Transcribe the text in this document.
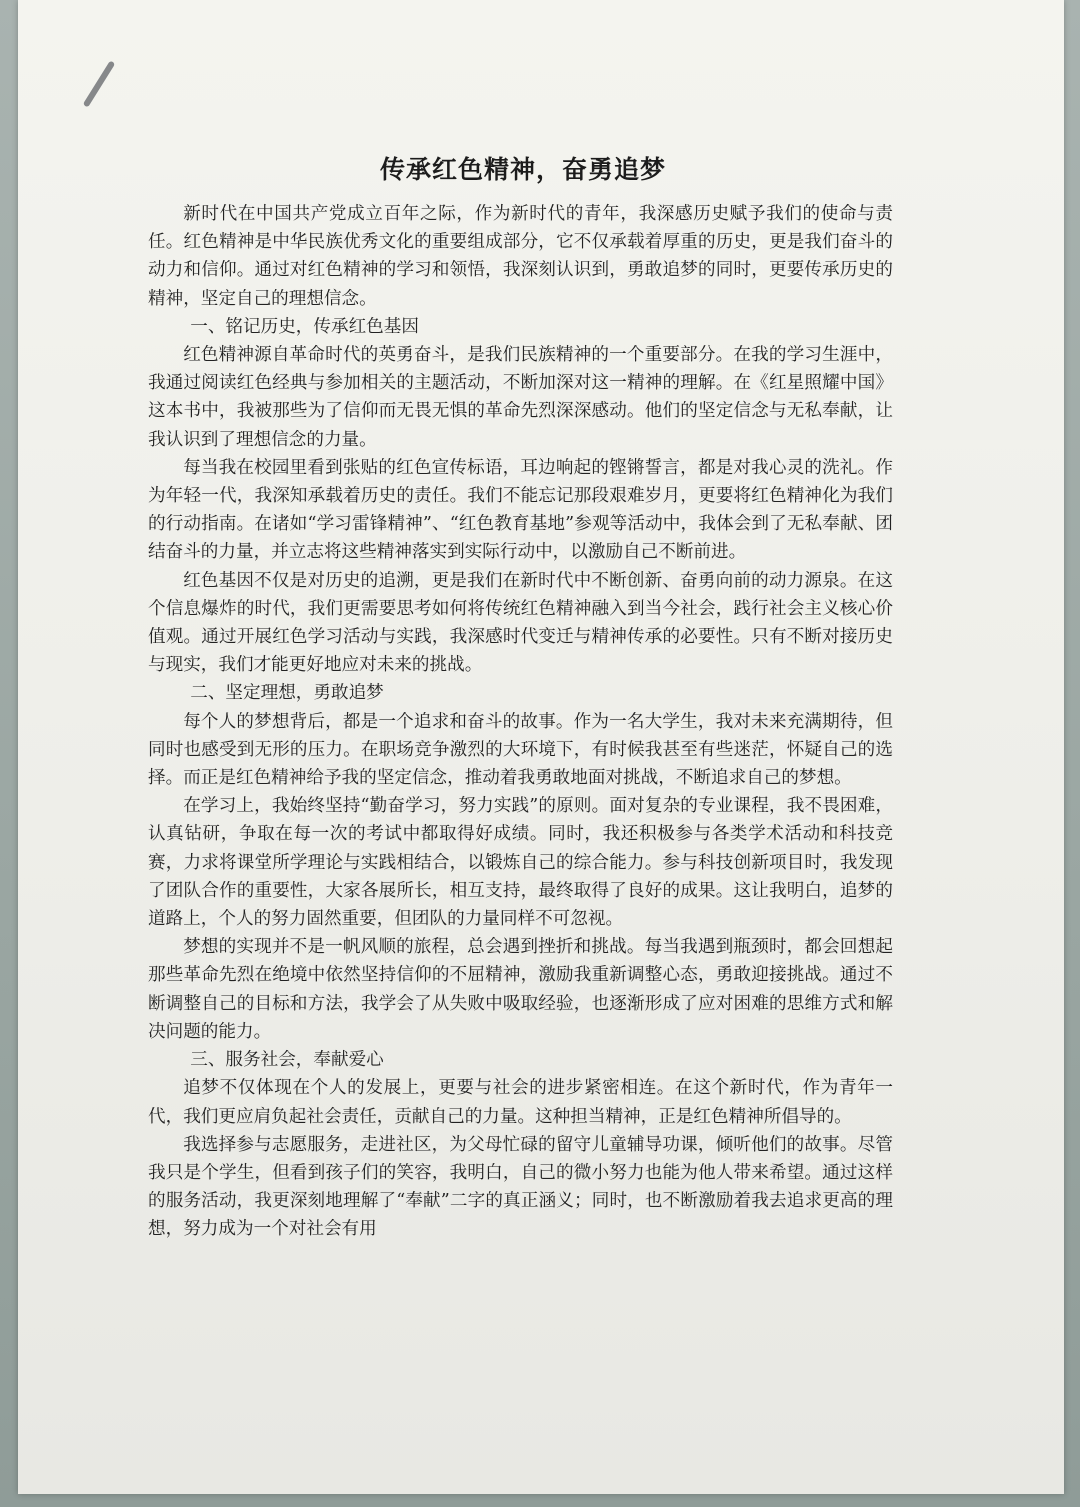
传承红色精神，奋勇追梦

新时代在中国共产党成立百年之际，作为新时代的青年，我深感历史赋予我们的使命与责任。红色精神是中华民族优秀文化的重要组成部分，它不仅承载着厚重的历史，更是我们奋斗的动力和信仰。通过对红色精神的学习和领悟，我深刻认识到，勇敢追梦的同时，更要传承历史的精神，坚定自己的理想信念。

一、铭记历史，传承红色基因

红色精神源自革命时代的英勇奋斗，是我们民族精神的一个重要部分。在我的学习生涯中，我通过阅读红色经典与参加相关的主题活动，不断加深对这一精神的理解。在《红星照耀中国》这本书中，我被那些为了信仰而无畏无惧的革命先烈深深感动。他们的坚定信念与无私奉献，让我认识到了理想信念的力量。

每当我在校园里看到张贴的红色宣传标语，耳边响起的铿锵誓言，都是对我心灵的洗礼。作为年轻一代，我深知承载着历史的责任。我们不能忘记那段艰难岁月，更要将红色精神化为我们的行动指南。在诸如“学习雷锋精神”、“红色教育基地”参观等活动中，我体会到了无私奉献、团结奋斗的力量，并立志将这些精神落实到实际行动中，以激励自己不断前进。

红色基因不仅是对历史的追溯，更是我们在新时代中不断创新、奋勇向前的动力源泉。在这个信息爆炸的时代，我们更需要思考如何将传统红色精神融入到当今社会，践行社会主义核心价值观。通过开展红色学习活动与实践，我深感时代变迁与精神传承的必要性。只有不断对接历史与现实，我们才能更好地应对未来的挑战。

二、坚定理想，勇敢追梦

每个人的梦想背后，都是一个追求和奋斗的故事。作为一名大学生，我对未来充满期待，但同时也感受到无形的压力。在职场竞争激烈的大环境下，有时候我甚至有些迷茫，怀疑自己的选择。而正是红色精神给予我的坚定信念，推动着我勇敢地面对挑战，不断追求自己的梦想。

在学习上，我始终坚持“勤奋学习，努力实践”的原则。面对复杂的专业课程，我不畏困难，认真钻研，争取在每一次的考试中都取得好成绩。同时，我还积极参与各类学术活动和科技竞赛，力求将课堂所学理论与实践相结合，以锻炼自己的综合能力。参与科技创新项目时，我发现了团队合作的重要性，大家各展所长，相互支持，最终取得了良好的成果。这让我明白，追梦的道路上，个人的努力固然重要，但团队的力量同样不可忽视。

梦想的实现并不是一帆风顺的旅程，总会遇到挫折和挑战。每当我遇到瓶颈时，都会回想起那些革命先烈在绝境中依然坚持信仰的不屈精神，激励我重新调整心态，勇敢迎接挑战。通过不断调整自己的目标和方法，我学会了从失败中吸取经验，也逐渐形成了应对困难的思维方式和解决问题的能力。

三、服务社会，奉献爱心

追梦不仅体现在个人的发展上，更要与社会的进步紧密相连。在这个新时代，作为青年一代，我们更应肩负起社会责任，贡献自己的力量。这种担当精神，正是红色精神所倡导的。

我选择参与志愿服务，走进社区，为父母忙碌的留守儿童辅导功课，倾听他们的故事。尽管我只是个学生，但看到孩子们的笑容，我明白，自己的微小努力也能为他人带来希望。通过这样的服务活动，我更深刻地理解了“奉献”二字的真正涵义；同时，也不断激励着我去追求更高的理想，努力成为一个对社会有用
